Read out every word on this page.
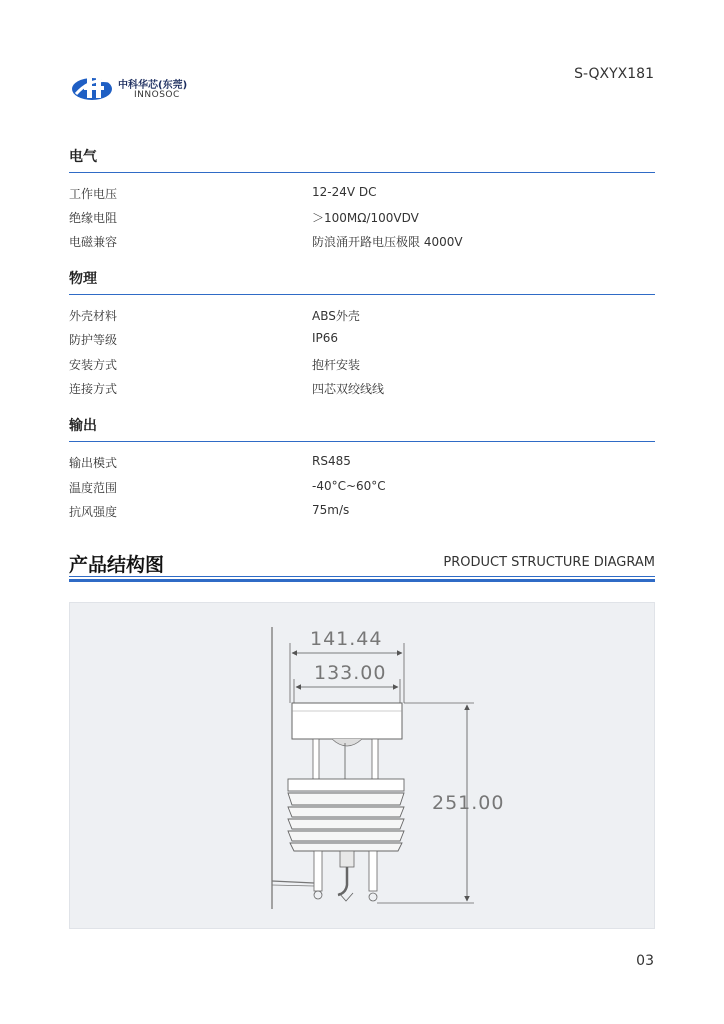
中科华芯(东莞)
INNOSOC
S-QXYX181
电气
工作电压	12-24V DC
绝缘电阻	＞100MΩ/100VDV
电磁兼容	防浪涌开路电压极限 4000V
物理
外壳材料	ABS外壳
防护等级	IP66
安装方式	抱杆安装
连接方式	四芯双绞线线
输出
输出模式	RS485
温度范围	-40°C~60°C
抗风强度	75m/s
产品结构图	PRODUCT STRUCTURE DIAGRAM
141.44
133.00
251.00
03
